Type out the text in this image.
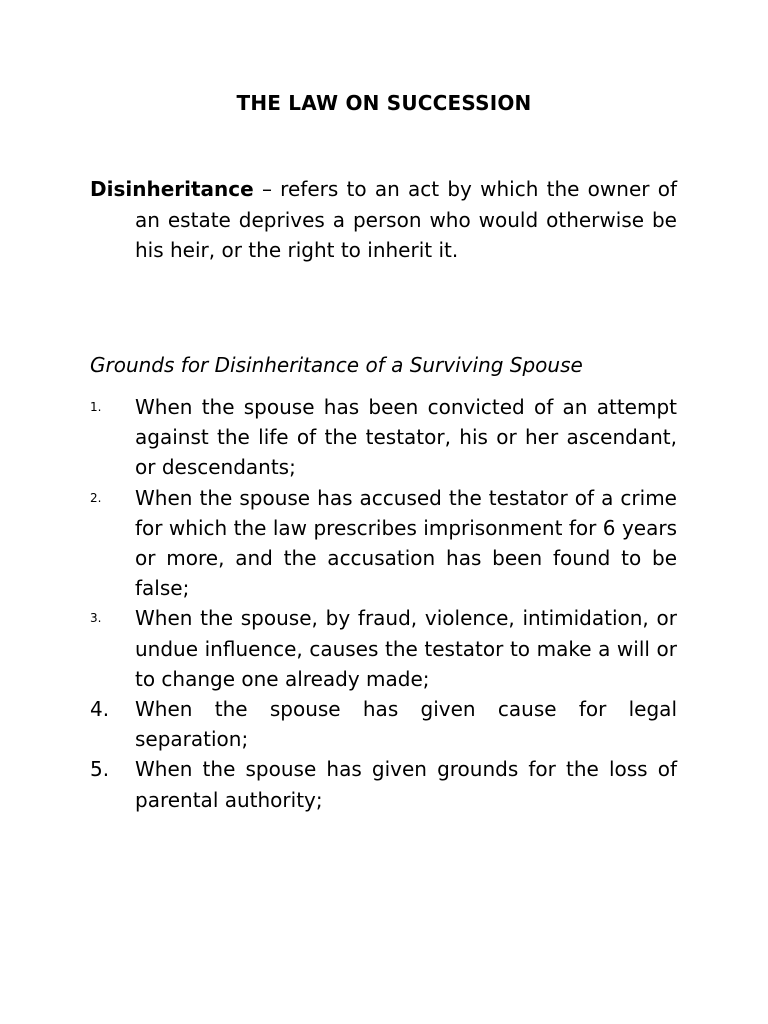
THE LAW ON SUCCESSION

Disinheritance – refers to an act by which the owner of an estate deprives a person who would otherwise be his heir, or the right to inherit it.

Grounds for Disinheritance of a Surviving Spouse
1.	When the spouse has been convicted of an attempt against the life of the testator, his or her ascendant, or descendants;
2.	When the spouse has accused the testator of a crime for which the law prescribes imprisonment for 6 years or more, and the accusation has been found to be false;
3.	When the spouse, by fraud, violence, intimidation, or undue influence, causes the testator to make a will or to change one already made;
4.	When the spouse has given cause for legal separation;
5.	When the spouse has given grounds for the loss of parental authority;
